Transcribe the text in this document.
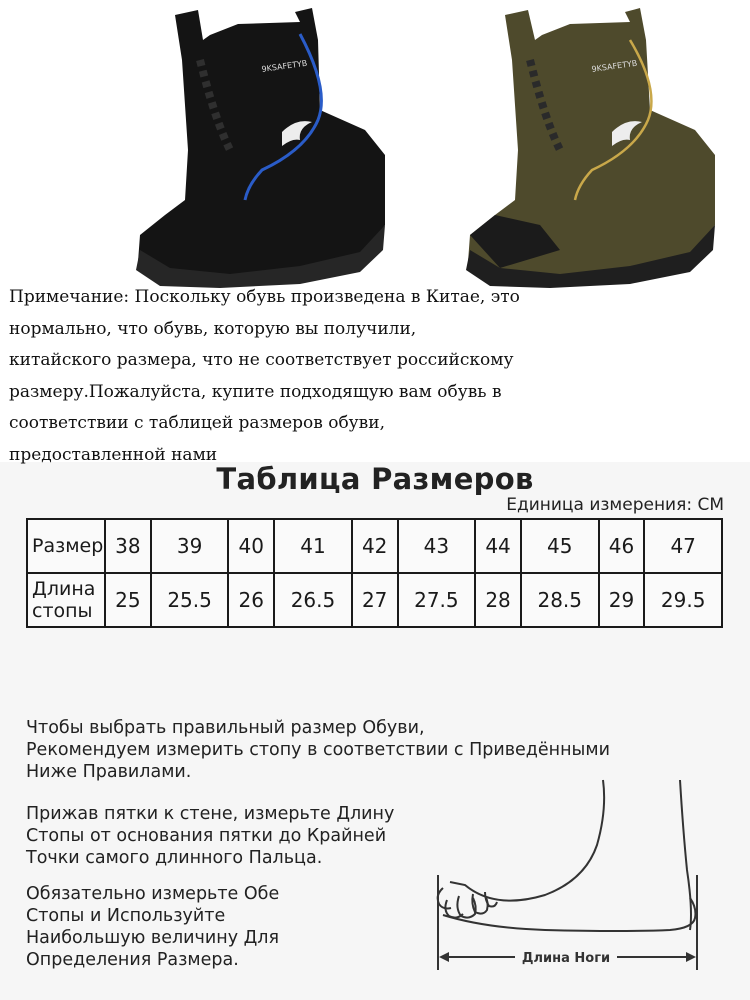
9KSAFETYB	9KSAFETYB
Примечание: Поскольку обувь произведена в Китае, это
нормально, что обувь, которую вы получили,
китайского размера, что не соответствует российскому
размеру.Пожалуйста, купите подходящую вам обувь в
соответствии с таблицей размеров обуви,
предоставленной нами
Таблица Размеров
Единица измерения: CM
Размер	38	39	40	41	42	43	44	45	46	47

Длина
стопы	25	25.5	26	26.5	27	27.5	28	28.5	29	29.5
Чтобы выбрать правильный размер Обуви,
Рекомендуем измерить стопу в соответствии с Приведёнными
Ниже Правилами.
Прижав пятки к стене, измерьте Длину
Стопы от основания пятки до Крайней
Точки самого длинного Пальца.
Обязательно измерьте Обе
Стопы и Используйте
Наибольшую величину Для
Определения Размера.	Длина Ноги
